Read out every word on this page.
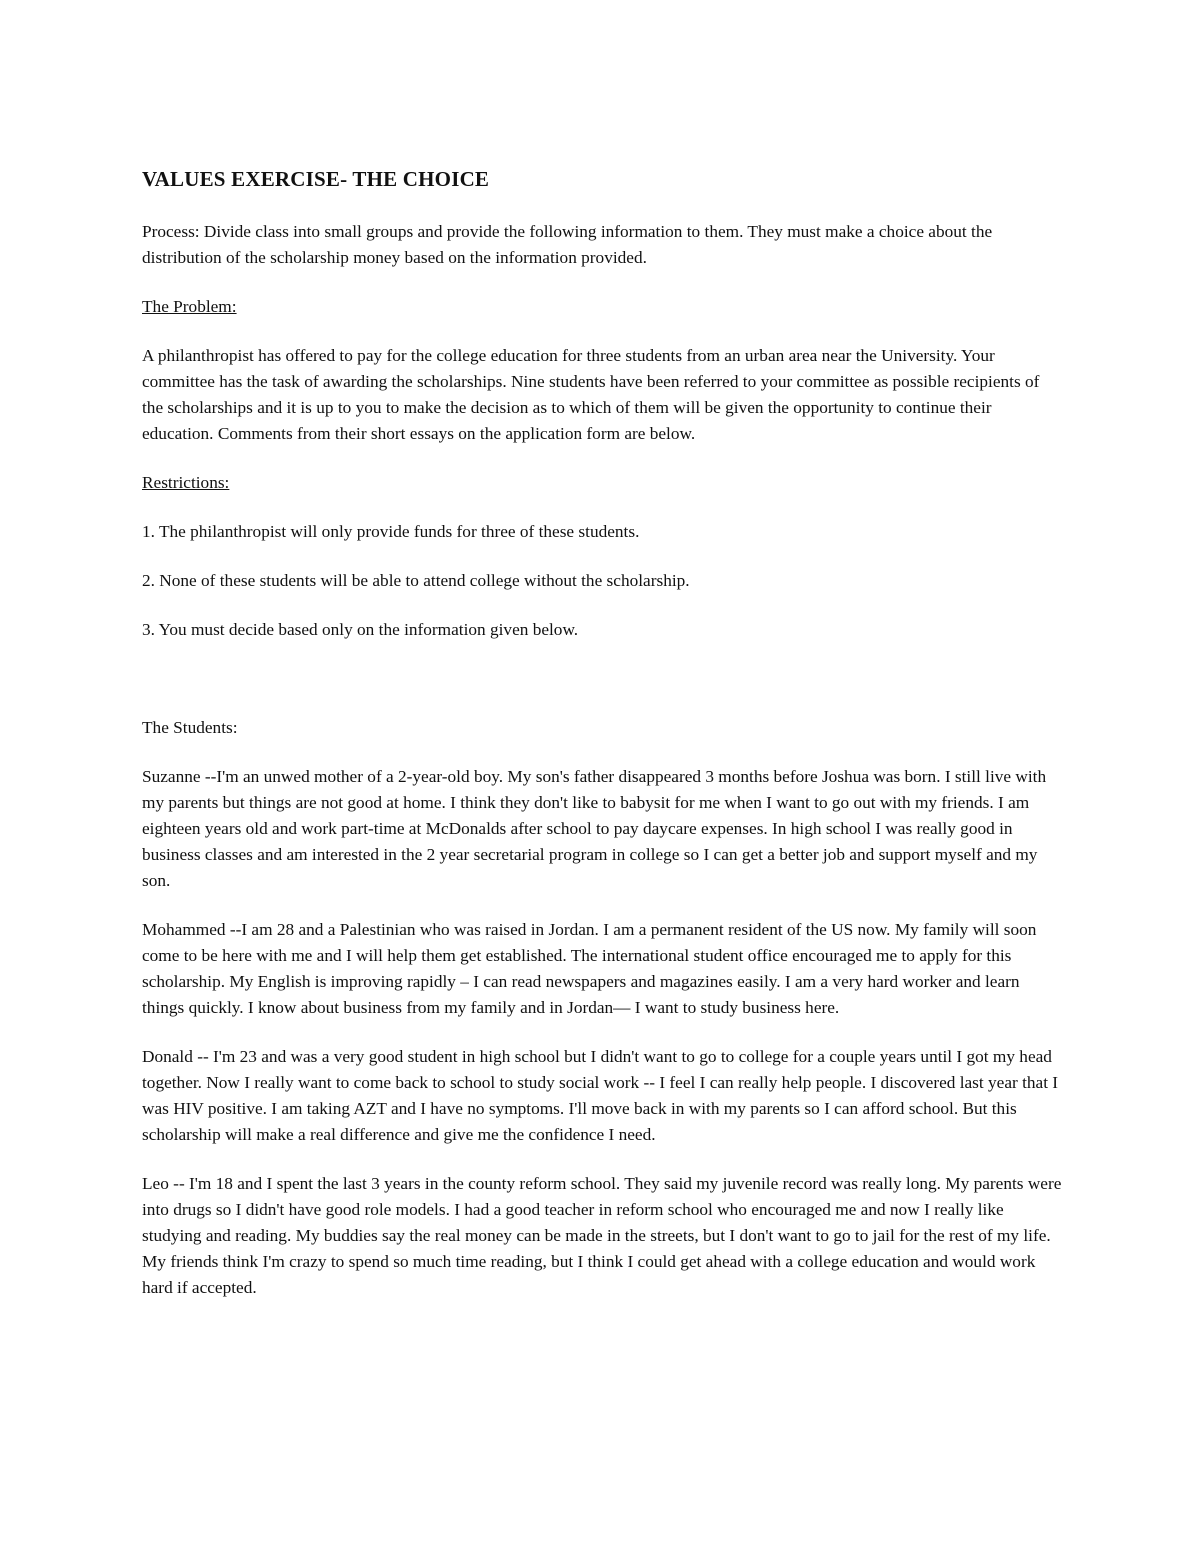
VALUES EXERCISE- THE CHOICE

Process: Divide class into small groups and provide the following information to them. They must make a choice about the distribution of the scholarship money based on the information provided.

The Problem:

A philanthropist has offered to pay for the college education for three students from an urban area near the University. Your committee has the task of awarding the scholarships. Nine students have been referred to your committee as possible recipients of the scholarships and it is up to you to make the decision as to which of them will be given the opportunity to continue their education. Comments from their short essays on the application form are below.

Restrictions:

1. The philanthropist will only provide funds for three of these students.

2. None of these students will be able to attend college without the scholarship.

3. You must decide based only on the information given below.

The Students:

Suzanne --I'm an unwed mother of a 2-year-old boy. My son's father disappeared 3 months before Joshua was born. I still live with my parents but things are not good at home. I think they don't like to babysit for me when I want to go out with my friends. I am eighteen years old and work part-time at McDonalds after school to pay daycare expenses. In high school I was really good in business classes and am interested in the 2 year secretarial program in college so I can get a better job and support myself and my son.

Mohammed --I am 28 and a Palestinian who was raised in Jordan. I am a permanent resident of the US now. My family will soon come to be here with me and I will help them get established. The international student office encouraged me to apply for this scholarship. My English is improving rapidly – I can read newspapers and magazines easily. I am a very hard worker and learn things quickly. I know about business from my family and in Jordan— I want to study business here.

Donald -- I'm 23 and was a very good student in high school but I didn't want to go to college for a couple years until I got my head together. Now I really want to come back to school to study social work -- I feel I can really help people. I discovered last year that I was HIV positive. I am taking AZT and I have no symptoms. I'll move back in with my parents so I can afford school. But this scholarship will make a real difference and give me the confidence I need.

Leo -- I'm 18 and I spent the last 3 years in the county reform school. They said my juvenile record was really long. My parents were into drugs so I didn't have good role models. I had a good teacher in reform school who encouraged me and now I really like studying and reading. My buddies say the real money can be made in the streets, but I don't want to go to jail for the rest of my life. My friends think I'm crazy to spend so much time reading, but I think I could get ahead with a college education and would work hard if accepted.
